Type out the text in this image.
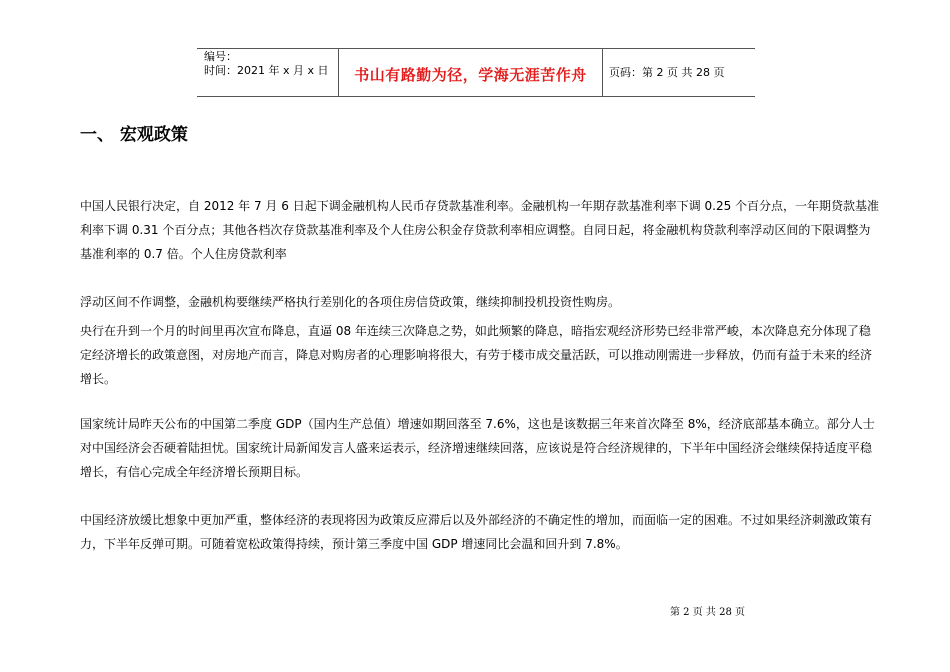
编号：
时间：2021 年 x 月 x 日	书山有路勤为径，学海无涯苦作舟	页码：第 2 页 共 28 页
一、 宏观政策
中国人民银行决定，自 2012 年 7 月 6 日起下调金融机构人民币存贷款基准利率。金融机构一年期存款基准利率下调 0.25 个百分点，一年期贷款基准利率下调 0.31 个百分点；其他各档次存贷款基准利率及个人住房公积金存贷款利率相应调整。自同日起，将金融机构贷款利率浮动区间的下限调整为基准利率的 0.7 倍。个人住房贷款利率
浮动区间不作调整，金融机构要继续严格执行差别化的各项住房信贷政策，继续抑制投机投资性购房。
央行在升到一个月的时间里再次宣布降息，直逼 08 年连续三次降息之势，如此频繁的降息，暗指宏观经济形势已经非常严峻，本次降息充分体现了稳定经济增长的政策意图，对房地产而言，降息对购房者的心理影响将很大，有劳于楼市成交量活跃，可以推动刚需进一步释放，仍而有益于未来的经济增长。
国家统计局昨天公布的中国第二季度 GDP（国内生产总值）增速如期回落至 7.6%，这也是该数据三年来首次降至 8%，经济底部基本确立。部分人士对中国经济会否硬着陆担忧。国家统计局新闻发言人盛来运表示，经济增速继续回落，应该说是符合经济规律的，下半年中国经济会继续保持适度平稳增长，有信心完成全年经济增长预期目标。
中国经济放缓比想象中更加严重，整体经济的表现将因为政策反应滞后以及外部经济的不确定性的增加，而面临一定的困难。不过如果经济刺激政策有力，下半年反弹可期。可随着宽松政策得持续，预计第三季度中国 GDP 增速同比会温和回升到 7.8%。
第 2 页 共 28 页
